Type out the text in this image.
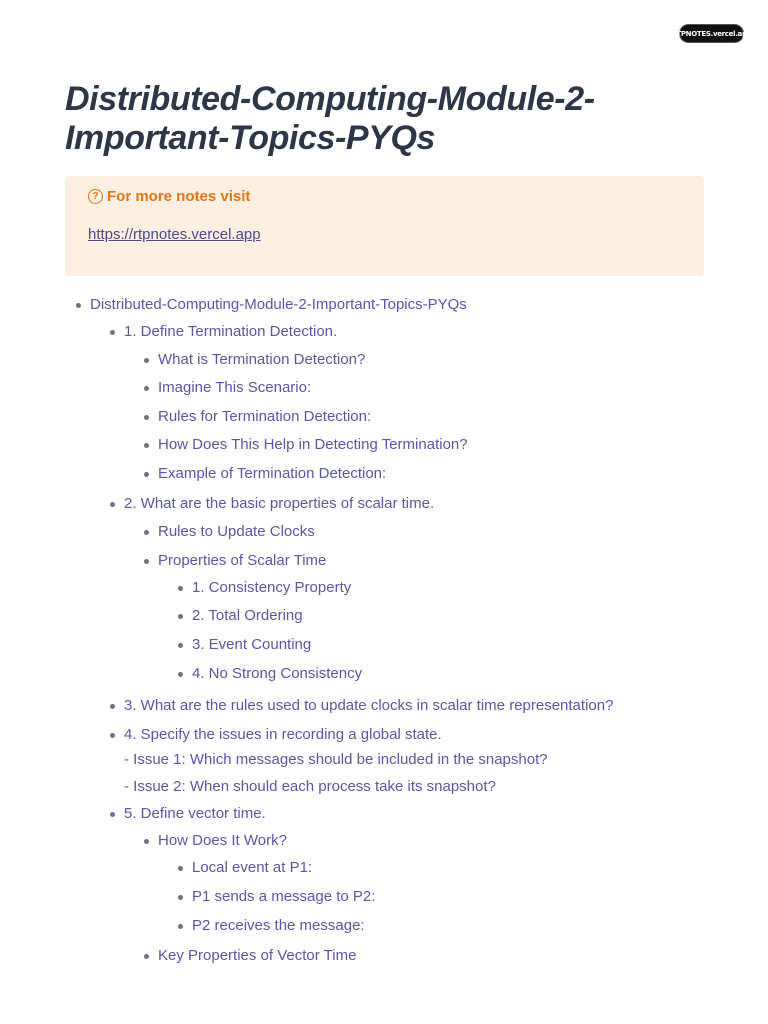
RTPNOTES.vercel.app
Distributed-Computing-Module-2-Important-Topics-PYQs
? For more notes visit
https://rtpnotes.vercel.app
Distributed-Computing-Module-2-Important-Topics-PYQs
1. Define Termination Detection.
What is Termination Detection?
Imagine This Scenario:
Rules for Termination Detection:
How Does This Help in Detecting Termination?
Example of Termination Detection:
2. What are the basic properties of scalar time.
Rules to Update Clocks
Properties of Scalar Time
1. Consistency Property
2. Total Ordering
3. Event Counting
4. No Strong Consistency
3. What are the rules used to update clocks in scalar time representation?
4. Specify the issues in recording a global state.
- Issue 1: Which messages should be included in the snapshot?
- Issue 2: When should each process take its snapshot?
5. Define vector time.
How Does It Work?
Local event at P1:
P1 sends a message to P2:
P2 receives the message:
Key Properties of Vector Time
